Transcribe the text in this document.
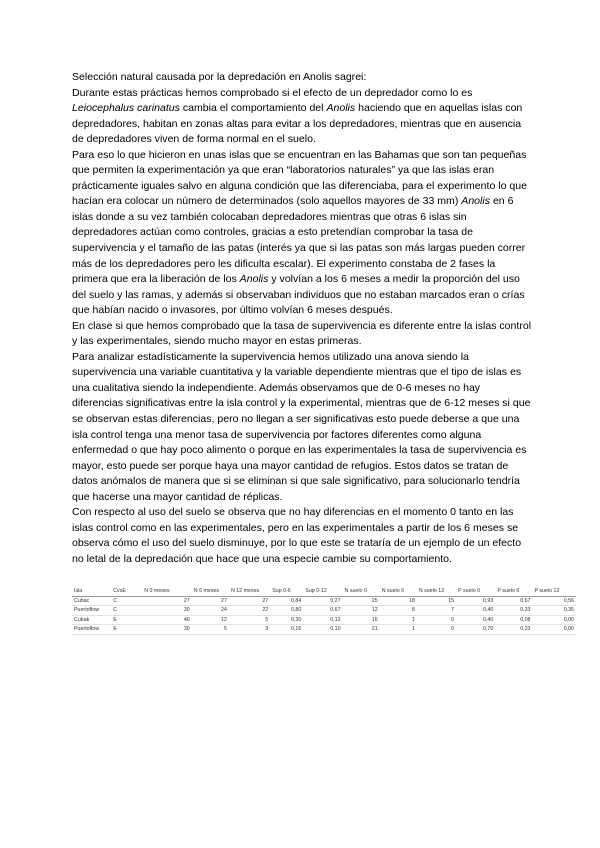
Selección natural causada por la depredación en Anolis sagrei:

Durante estas prácticas hemos comprobado si el efecto de un depredador como lo es Leiocephalus carinatus cambia el comportamiento del Anolis haciendo que en aquellas islas con depredadores, habitan en zonas altas para evitar a los depredadores, mientras que en ausencia de depredadores viven de forma normal en el suelo.

Para eso lo que hicieron en unas islas que se encuentran en las Bahamas que son tan pequeñas que permiten la experimentación ya que eran “laboratorios naturales” ya que las islas eran prácticamente iguales salvo en alguna condición que las diferenciaba, para el experimento lo que hacían era colocar un número de determinados (solo aquellos mayores de 33 mm) Anolis en 6 islas donde a su vez también colocaban depredadores mientras que otras 6 islas sin depredadores actúan como controles, gracias a esto pretendían comprobar la tasa de supervivencia y el tamaño de las patas (interés ya que si las patas son más largas pueden correr más de los depredadores pero les dificulta escalar). El experimento constaba de 2 fases la primera que era la liberación de los Anolis y volvían a los 6 meses a medir la proporción del uso del suelo y las ramas, y además si observaban individuos que no estaban marcados eran o crías que habían nacido o invasores, por último volvían 6 meses después.

En clase si que hemos comprobado que la tasa de supervivencia es diferente entre la islas control y las experimentales, siendo mucho mayor en estas primeras.

Para analizar estadísticamente la supervivencia hemos utilizado una anova siendo la supervivencia una variable cuantitativa y la variable dependiente mientras que el tipo de islas es una cualitativa siendo la independiente. Además observamos que de 0-6 meses no hay diferencias significativas entre la isla control y la experimental, mientras que de 6-12 meses si que se observan estas diferencias, pero no llegan a ser significativas esto puede deberse a que una isla control tenga una menor tasa de supervivencia por factores diferentes como alguna enfermedad o que hay poco alimento o porque en las experimentales la tasa de supervivencia es mayor, esto puede ser porque haya una mayor cantidad de refugios. Estos datos se tratan de datos anómalos de manera que si se eliminan si que sale significativo, para solucionarlo tendría que hacerse una mayor cantidad de réplicas.

Con respecto al uso del suelo se observa que no hay diferencias en el momento 0 tanto en las islas control como en las experimentales, pero en las experimentales a partir de los 6 meses se observa cómo el uso del suelo disminuye, por lo que este se trataría de un ejemplo de un efecto no letal de la depredación que hace que una especie cambie su comportamiento.

Isla	CvsE	N 0 meses	N 6 meses	N 12 meses	Sup 0-6	Sup 0-12	N suelo 0	N suelo 6	N suelo 12	P suelo 0	P suelo 6	P suelo 12
Cubac	C	27	27	27	0,84	0,27	25	18	15	0,93	0,67	0,56
Puertoflow	C	30	24	22	0,80	0,67	12	8	7	0,40	0,33	0,35
Cubak	E	40	12	5	0,30	0,12	16	1	0	0,40	0,08	0,00
Puertoflow	E	30	5	3	0,16	0,10	21	1	0	0,70	0,33	0,00
